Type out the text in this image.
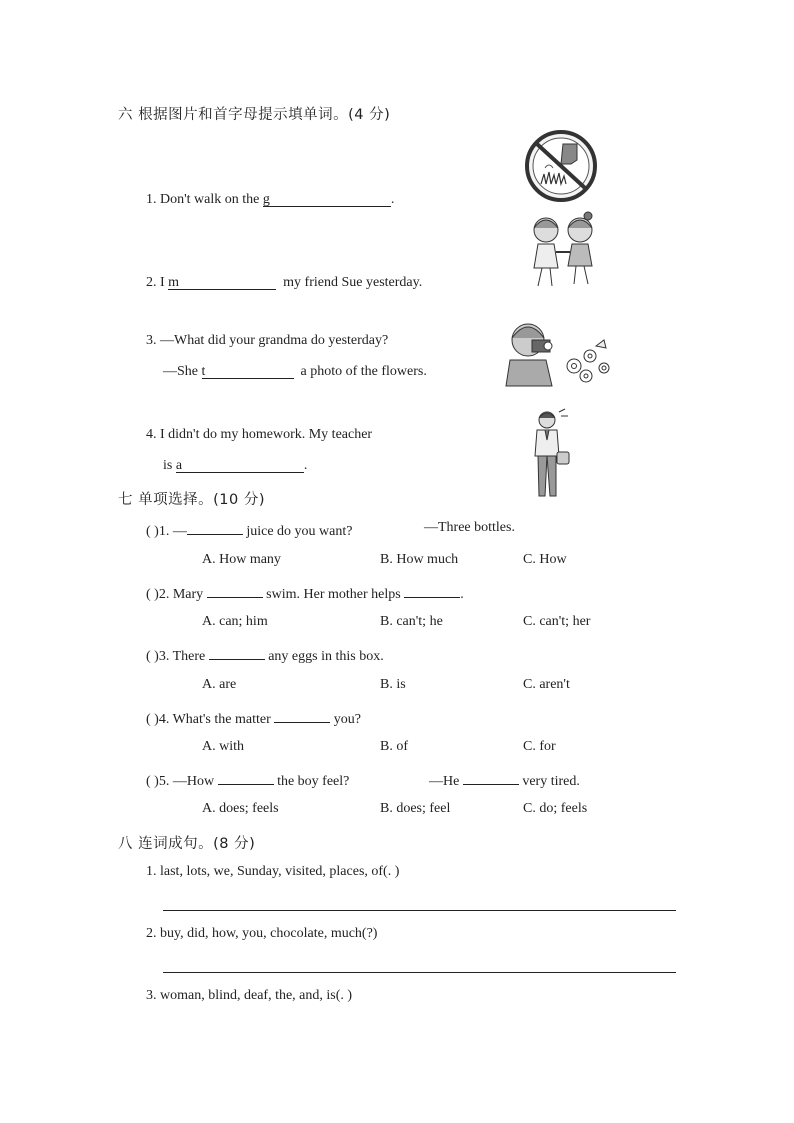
六 根据图片和首字母提示填单词。(4 分)
1. Don't walk on the g	.
2. I m	my friend Sue yesterday.
3. —What did your grandma do yesterday?
—She t	a photo of the flowers.
4. I didn't do my homework. My teacher
is a	.
七 单项选择。(10 分)
( )1. —	juice do you want?	—Three bottles.
A. How many	B. How much	C. How
( )2. Mary	swim. Her mother helps	.
A. can; him	B. can't; he	C. can't; her
( )3. There	any eggs in this box.
A. are	B. is	C. aren't
( )4. What's the matter	you?
A. with	B. of	C. for
( )5. —How	the boy feel?	—He	very tired.
A. does; feels	B. does; feel	C. do; feels
八 连词成句。(8 分)
1. last, lots, we, Sunday, visited, places, of(. )
2. buy, did, how, you, chocolate, much(?)
3. woman, blind, deaf, the, and, is(. )
